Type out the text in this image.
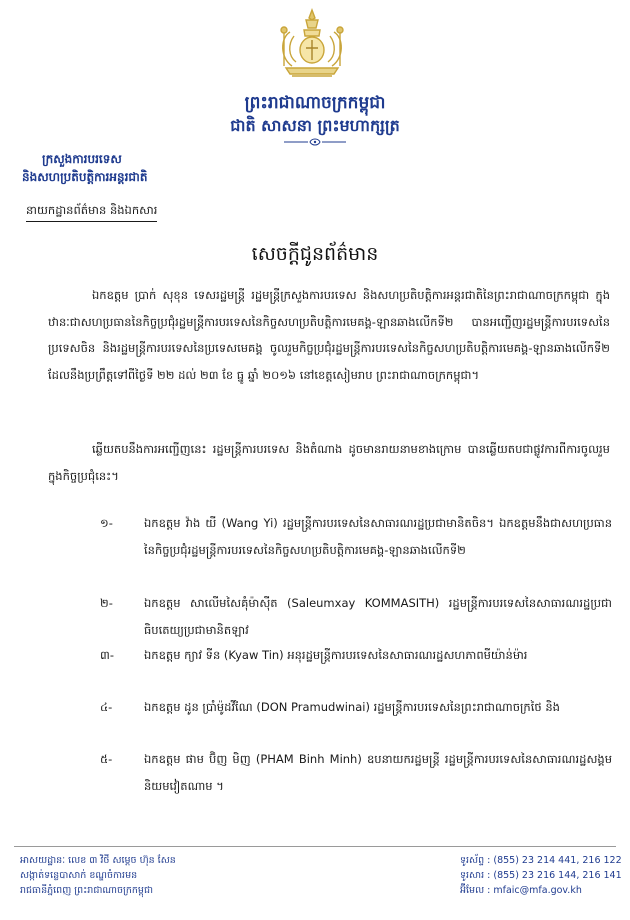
ព្រះរាជាណាចក្រកម្ពុជា
ជាតិ សាសនា ព្រះមហាក្សត្រ
ក្រសួងការបរទេស
និងសហប្រតិបត្តិការអន្តរជាតិ
នាយកដ្ឋានព័ត៌មាន និងឯកសារ
សេចក្តីជូនព័ត៌មាន

ឯកឧត្តម ប្រាក់ សុខុន ទេសរដ្ឋមន្ត្រី រដ្ឋមន្ត្រីក្រសួងការបរទេស និងសហប្រតិបត្តិការអន្តរជាតិនៃព្រះរាជាណាចក្រកម្ពុជា ក្នុងឋានៈជាសហប្រធាននៃកិច្ចប្រជុំរដ្ឋមន្ត្រីការបរទេសនៃកិច្ចសហប្រតិបត្តិការមេគង្គ-ឡានឆាងលើកទី២ បានអញ្ជើញរដ្ឋមន្ត្រីការបរទេសនៃប្រទេសចិន និងរដ្ឋមន្ត្រីការបរទេសនៃប្រទេសមេគង្គ ចូលរួមកិច្ចប្រជុំរដ្ឋមន្ត្រីការបរទេសនៃកិច្ចសហប្រតិបត្តិការមេគង្គ-ឡានឆាងលើកទី២ ដែលនឹងប្រព្រឹត្តទៅពីថ្ងៃទី ២២ ដល់ ២៣ ខែ ធ្នូ ឆ្នាំ ២០១៦ នៅខេត្តសៀមរាប ព្រះរាជាណាចក្រកម្ពុជា។

ឆ្លើយតបនឹងការអញ្ជើញនេះ រដ្ឋមន្ត្រីការបរទេស និងតំណាង ដូចមានរាយនាមខាងក្រោម បានឆ្លើយតបជាផ្លូវការពីការចូលរួមក្នុងកិច្ចប្រជុំនេះ។

១-	ឯកឧត្តម វ៉ាង យី (Wang Yi) រដ្ឋមន្ត្រីការបរទេសនៃសាធារណរដ្ឋប្រជាមានិតចិន។ ឯកឧត្តមនឹងជាសហប្រធាននៃកិច្ចប្រជុំរដ្ឋមន្ត្រីការបរទេសនៃកិច្ចសហប្រតិបត្តិការមេគង្គ-ឡានឆាងលើកទី២

២-	ឯកឧត្តម សាលើមសៃគុំម៉ាស៊ីត (Saleumxay KOMMASITH) រដ្ឋមន្ត្រីការបរទេសនៃសាធារណរដ្ឋប្រជាធិបតេយ្យប្រជាមានិតឡាវ

៣-	ឯកឧត្តម ក្យាវ ទីន (Kyaw Tin) អនុរដ្ឋមន្ត្រីការបរទេសនៃសាធារណរដ្ឋសហភាពមីយ៉ាន់ម៉ារ

៤-	ឯកឧត្តម ដូន ប្រាំម៉ូដវីណៃ (DON Pramudwinai) រដ្ឋមន្ត្រីការបរទេសនៃព្រះរាជាណាចក្រថៃ និង

៥-	ឯកឧត្តម ផាម ប៊ិញ មិញ (PHAM Binh Minh) ឧបនាយករដ្ឋមន្ត្រី រដ្ឋមន្ត្រីការបរទេសនៃសាធារណរដ្ឋសង្គមនិយមវៀតណាម ។

អាសយដ្ឋានៈ លេខ ៣ វិថី សម្តេច ហ៊ុន សែន
សង្កាត់ទន្លេបាសាក់ ខណ្ឌចំការមន
រាជធានីភ្នំពេញ ព្រះរាជាណាចក្រកម្ពុជា
ទូរស័ព្ទ : (855) 23 214 441, 216 122
ទូរសារ : (855) 23 216 144, 216 141
អ៊ីមែល : mfaic@mfa.gov.kh
